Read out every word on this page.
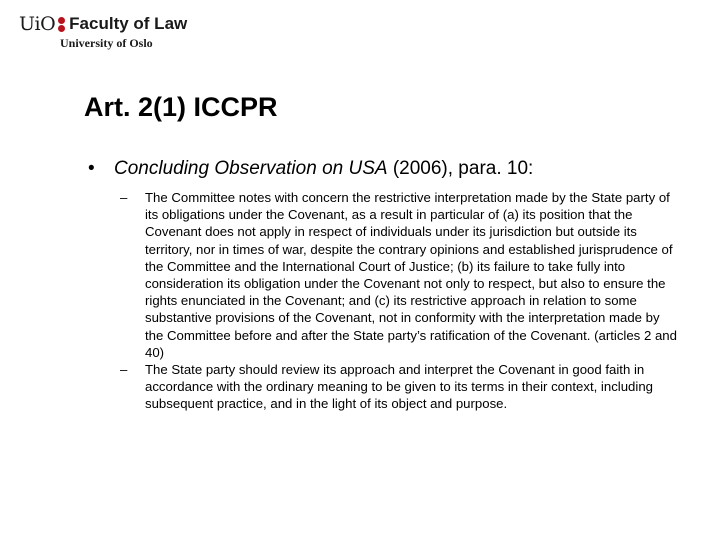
UiO Faculty of Law
University of Oslo
Art. 2(1) ICCPR
• Concluding Observation on USA (2006), para. 10:
– The Committee notes with concern the restrictive interpretation made by the State party of its obligations under the Covenant, as a result in particular of (a) its position that the Covenant does not apply in respect of individuals under its jurisdiction but outside its territory, nor in times of war, despite the contrary opinions and established jurisprudence of the Committee and the International Court of Justice; (b) its failure to take fully into consideration its obligation under the Covenant not only to respect, but also to ensure the rights enunciated in the Covenant; and (c) its restrictive approach in relation to some substantive provisions of the Covenant, not in conformity with the interpretation made by the Committee before and after the State party’s ratification of the Covenant. (articles 2 and 40)
– The State party should review its approach and interpret the Covenant in good faith in accordance with the ordinary meaning to be given to its terms in their context, including subsequent practice, and in the light of its object and purpose.
